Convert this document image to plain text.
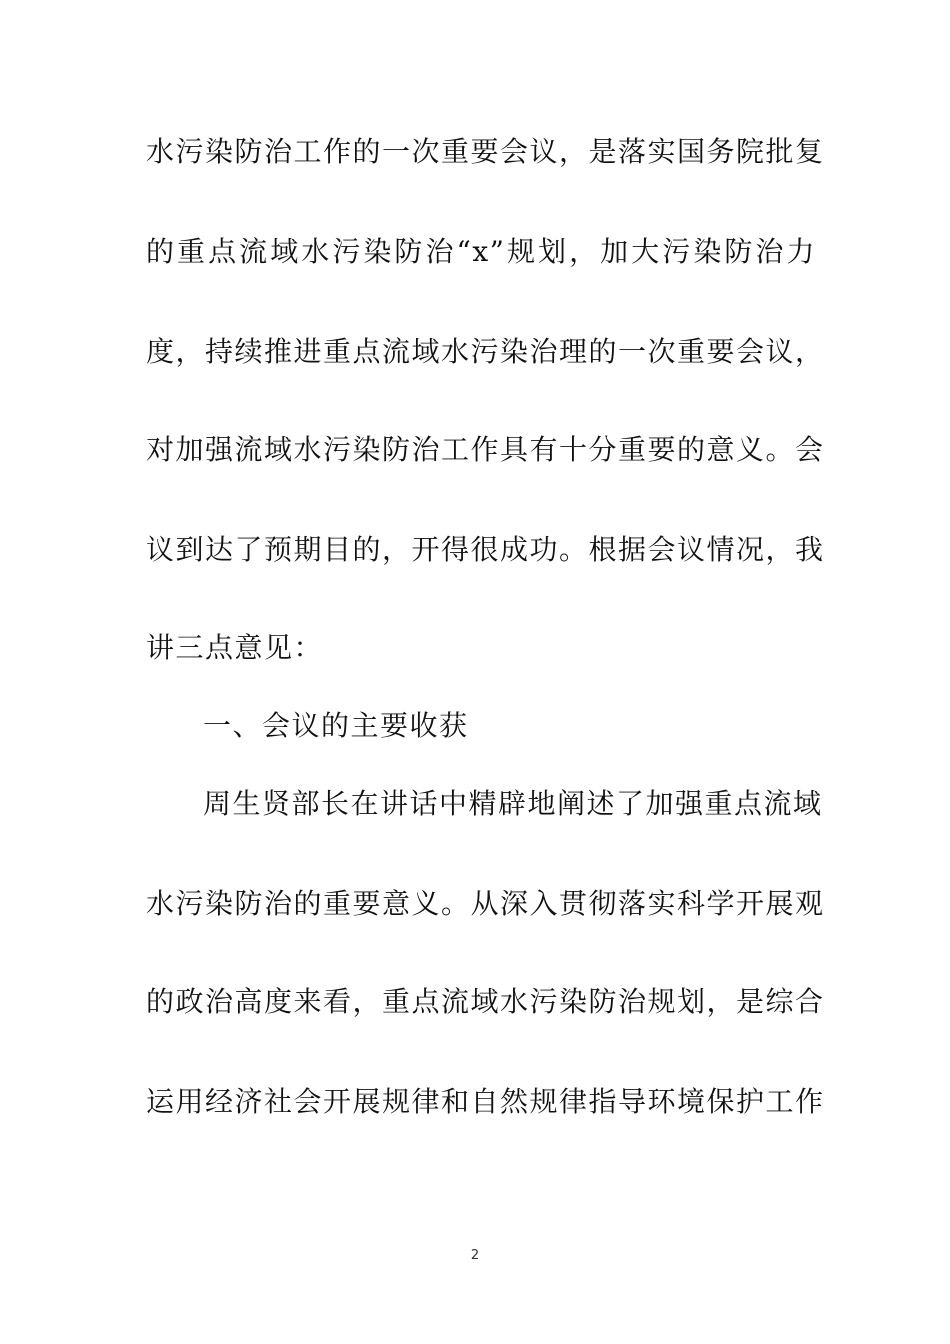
水污染防治工作的一次重要会议，是落实国务院批复
的重点流域水污染防治“x”规划，加大污染防治力
度，持续推进重点流域水污染治理的一次重要会议，
对加强流域水污染防治工作具有十分重要的意义。会
议到达了预期目的，开得很成功。根据会议情况，我
讲三点意见：
一、会议的主要收获
周生贤部长在讲话中精辟地阐述了加强重点流域
水污染防治的重要意义。从深入贯彻落实科学开展观
的政治高度来看，重点流域水污染防治规划，是综合
运用经济社会开展规律和自然规律指导环境保护工作
2
